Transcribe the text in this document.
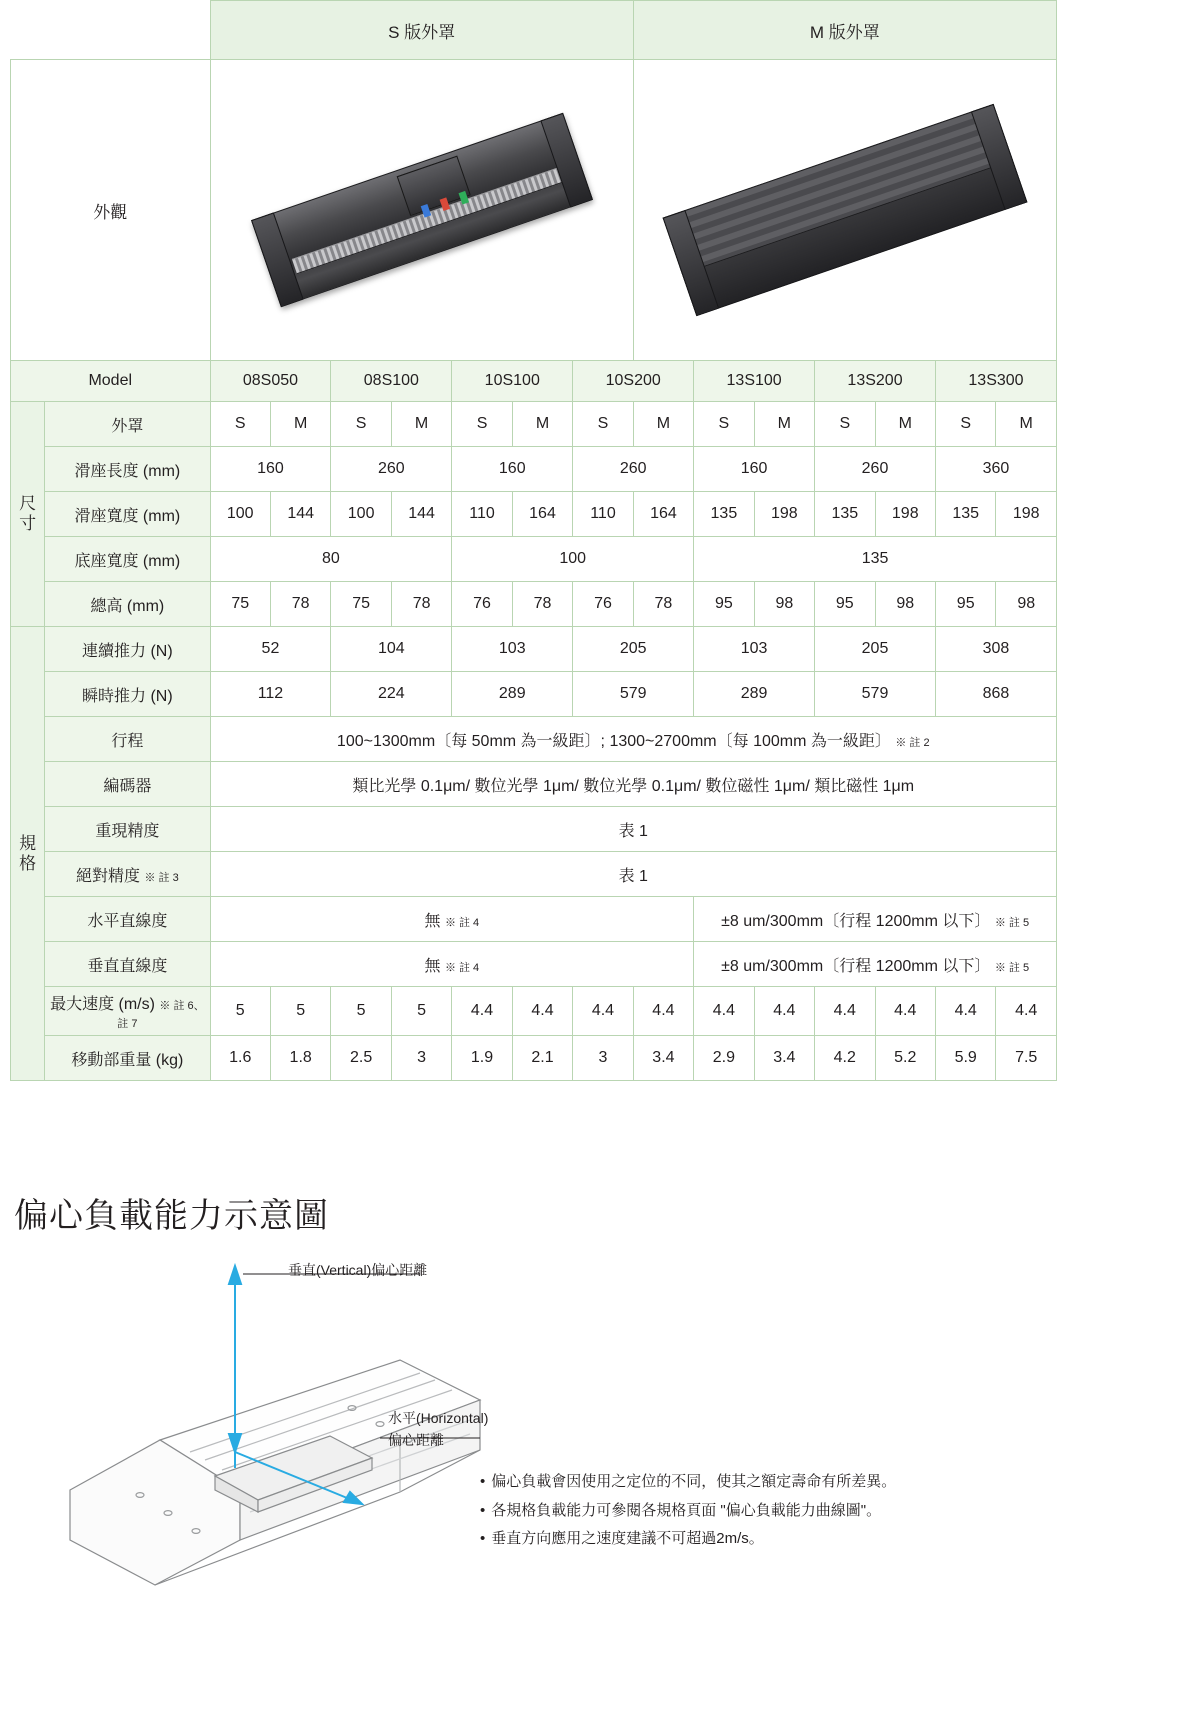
		S 版外罩							M 版外罩						
外觀														

Model		08S050		08S100		10S100		10S200		13S100		13S200		13S300	

尺寸	外罩	S	M	S	M	S	M	S	M	S	M	S	M	S	M
	滑座長度 (mm)	160		260		160		260		160		260		360	
	滑座寬度 (mm)	100	144	100	144	110	164	110	164	135	198	135	198	135	198
	底座寬度 (mm)	80				100				135					
	總高 (mm)	75	78	75	78	76	78	76	78	95	98	95	98	95	98

規格	連續推力 (N)	52		104		103		205		103		205		308	
	瞬時推力 (N)	112		224		289		579		289		579		868	
	行程	100~1300mm〔每 50mm 為一級距〕; 1300~2700mm〔每 100mm 為一級距〕 ※ 註 2													
	編碼器	類比光學 0.1μm/ 數位光學 1μm/ 數位光學 0.1μm/ 數位磁性 1μm/ 類比磁性 1μm													
	重現精度	表 1													
	絕對精度 ※ 註 3	表 1													
	水平直線度	無 ※ 註 4								±8 um/300mm〔行程 1200mm 以下〕 ※ 註 5					
	垂直直線度	無 ※ 註 4								±8 um/300mm〔行程 1200mm 以下〕 ※ 註 5					
	最大速度 (m/s) ※ 註 6、註 7	5	5	5	5	4.4	4.4	4.4	4.4	4.4	4.4	4.4	4.4	4.4	4.4
	移動部重量 (kg)	1.6	1.8	2.5	3	1.9	2.1	3	3.4	2.9	3.4	4.2	5.2	5.9	7.5
偏心負載能力示意圖
垂直(Vertical)偏心距離
水平(Horizontal)
偏心距離
• 偏心負載會因使用之定位的不同，使其之額定壽命有所差異。
• 各規格負載能力可參閱各規格頁面 "偏心負載能力曲線圖"。
• 垂直方向應用之速度建議不可超過2m/s。
